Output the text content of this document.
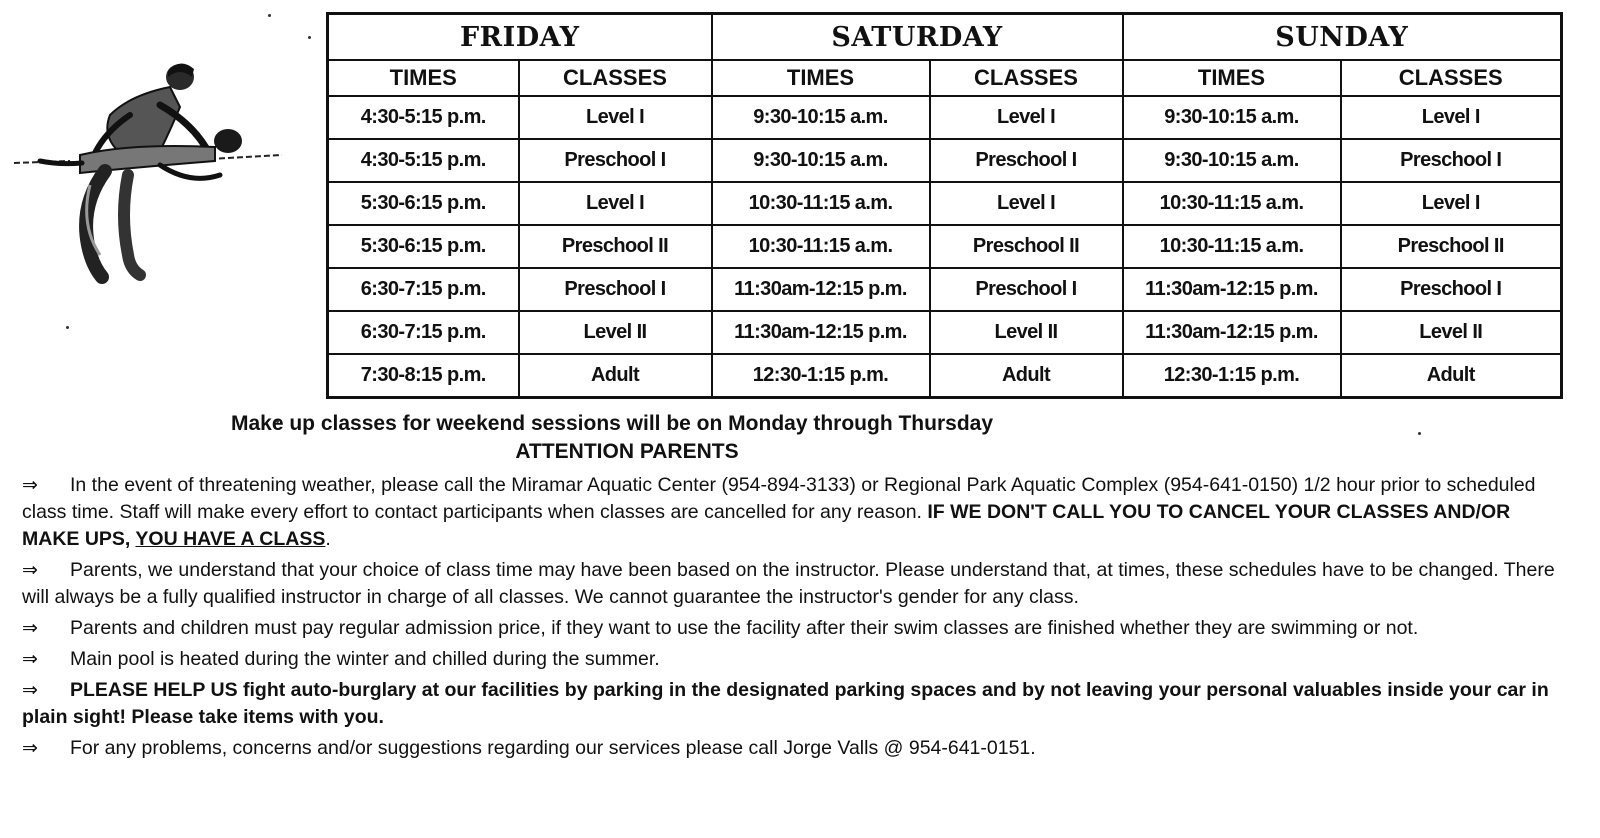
FRIDAY		SATURDAY		SUNDAY	
TIMES	CLASSES	TIMES	CLASSES	TIMES	CLASSES
4:30-5:15 p.m.	Level I	9:30-10:15 a.m.	Level I	9:30-10:15 a.m.	Level I
4:30-5:15 p.m.	Preschool I	9:30-10:15 a.m.	Preschool I	9:30-10:15 a.m.	Preschool I
5:30-6:15 p.m.	Level I	10:30-11:15 a.m.	Level I	10:30-11:15 a.m.	Level I
5:30-6:15 p.m.	Preschool II	10:30-11:15 a.m.	Preschool II	10:30-11:15 a.m.	Preschool II
6:30-7:15 p.m.	Preschool I	11:30am-12:15 p.m.	Preschool I	11:30am-12:15 p.m.	Preschool I
6:30-7:15 p.m.	Level II	11:30am-12:15 p.m.	Level II	11:30am-12:15 p.m.	Level II
7:30-8:15 p.m.	Adult	12:30-1:15 p.m.	Adult	12:30-1:15 p.m.	Adult
Make up classes for weekend sessions will be on Monday through Thursday
ATTENTION PARENTS
⇒ In the event of threatening weather, please call the Miramar Aquatic Center (954-894-3133) or Regional Park Aquatic Complex (954-641-0150) 1/2 hour prior to scheduled class time. Staff will make every effort to contact participants when classes are cancelled for any reason. IF WE DON'T CALL YOU TO CANCEL YOUR CLASSES AND/OR MAKE UPS, YOU HAVE A CLASS.
⇒ Parents, we understand that your choice of class time may have been based on the instructor. Please understand that, at times, these schedules have to be changed. There will always be a fully qualified instructor in charge of all classes. We cannot guarantee the instructor's gender for any class.
⇒ Parents and children must pay regular admission price, if they want to use the facility after their swim classes are finished whether they are swimming or not.
⇒ Main pool is heated during the winter and chilled during the summer.
⇒ PLEASE HELP US fight auto-burglary at our facilities by parking in the designated parking spaces and by not leaving your personal valuables inside your car in plain sight! Please take items with you.
⇒ For any problems, concerns and/or suggestions regarding our services please call Jorge Valls @ 954-641-0151.
